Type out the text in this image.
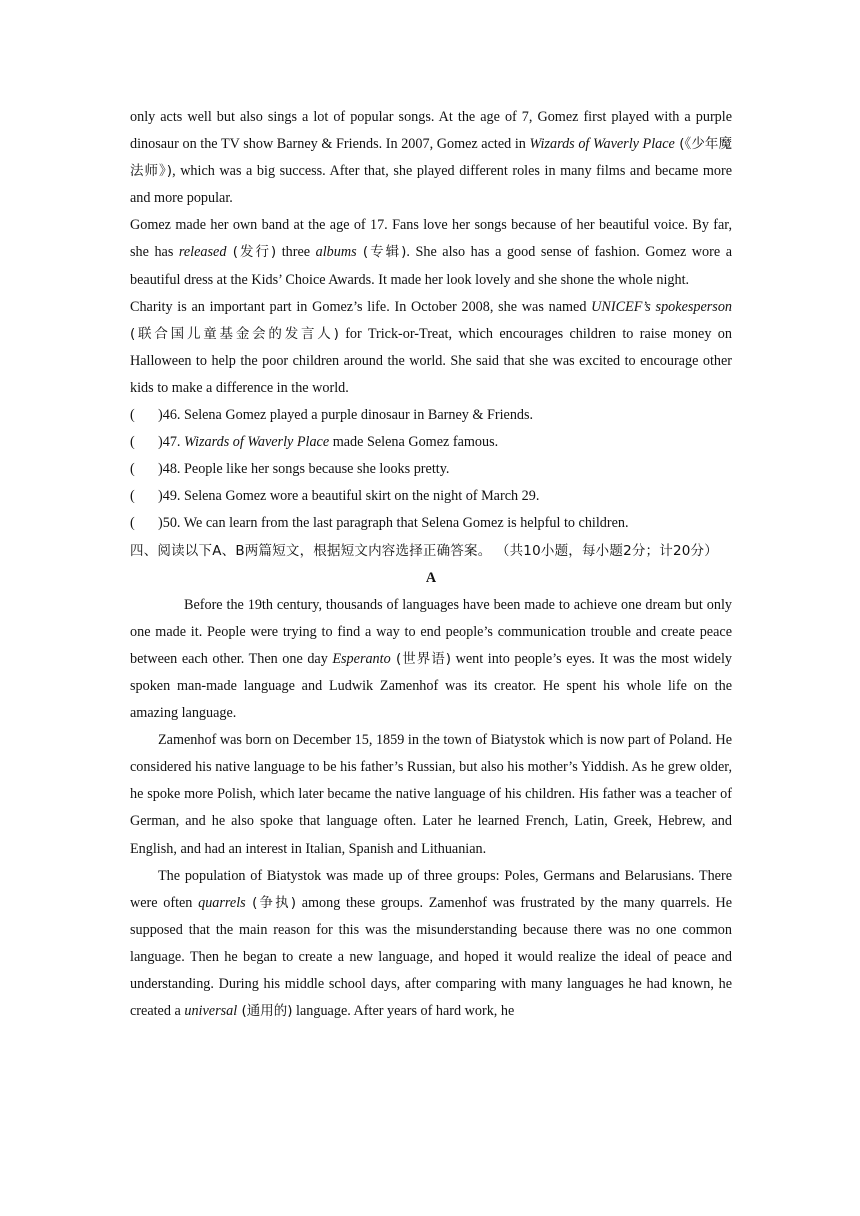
only acts well but also sings a lot of popular songs. At the age of 7, Gomez first played with a purple dinosaur on the TV show Barney & Friends. In 2007, Gomez acted in Wizards of Waverly Place (《少年魔法师》), which was a big success. After that, she played different roles in many films and became more and more popular.
Gomez made her own band at the age of 17. Fans love her songs because of her beautiful voice. By far, she has released (发行) three albums (专辑). She also has a good sense of fashion. Gomez wore a beautiful dress at the Kids’ Choice Awards. It made her look lovely and she shone the whole night.
Charity is an important part in Gomez’s life. In October 2008, she was named UNICEF’s spokesperson (联合国儿童基金会的发言人) for Trick-or-Treat, which encourages children to raise money on Halloween to help the poor children around the world. She said that she was excited to encourage other kids to make a difference in the world.
( )46. Selena Gomez played a purple dinosaur in Barney & Friends.
( )47. Wizards of Waverly Place made Selena Gomez famous.
( )48. People like her songs because she looks pretty.
( )49. Selena Gomez wore a beautiful skirt on the night of March 29.
( )50. We can learn from the last paragraph that Selena Gomez is helpful to children.
四、阅读以下A、B两篇短文，根据短文内容选择正确答案。 （共10小题，每小题2分；计20分）
A
Before the 19th century, thousands of languages have been made to achieve one dream but only one made it. People were trying to find a way to end people’s communication trouble and create peace between each other. Then one day Esperanto (世界语) went into people’s eyes. It was the most widely spoken man-made language and Ludwik Zamenhof was its creator. He spent his whole life on the amazing language.
Zamenhof was born on December 15, 1859 in the town of Biatystok which is now part of Poland. He considered his native language to be his father’s Russian, but also his mother’s Yiddish. As he grew older, he spoke more Polish, which later became the native language of his children. His father was a teacher of German, and he also spoke that language often. Later he learned French, Latin, Greek, Hebrew, and English, and had an interest in Italian, Spanish and Lithuanian.
The population of Biatystok was made up of three groups: Poles, Germans and Belarusians. There were often quarrels (争执) among these groups. Zamenhof was frustrated by the many quarrels. He supposed that the main reason for this was the misunderstanding because there was no one common language. Then he began to create a new language, and hoped it would realize the ideal of peace and understanding. During his middle school days, after comparing with many languages he had known, he created a universal (通用的) language. After years of hard work, he
